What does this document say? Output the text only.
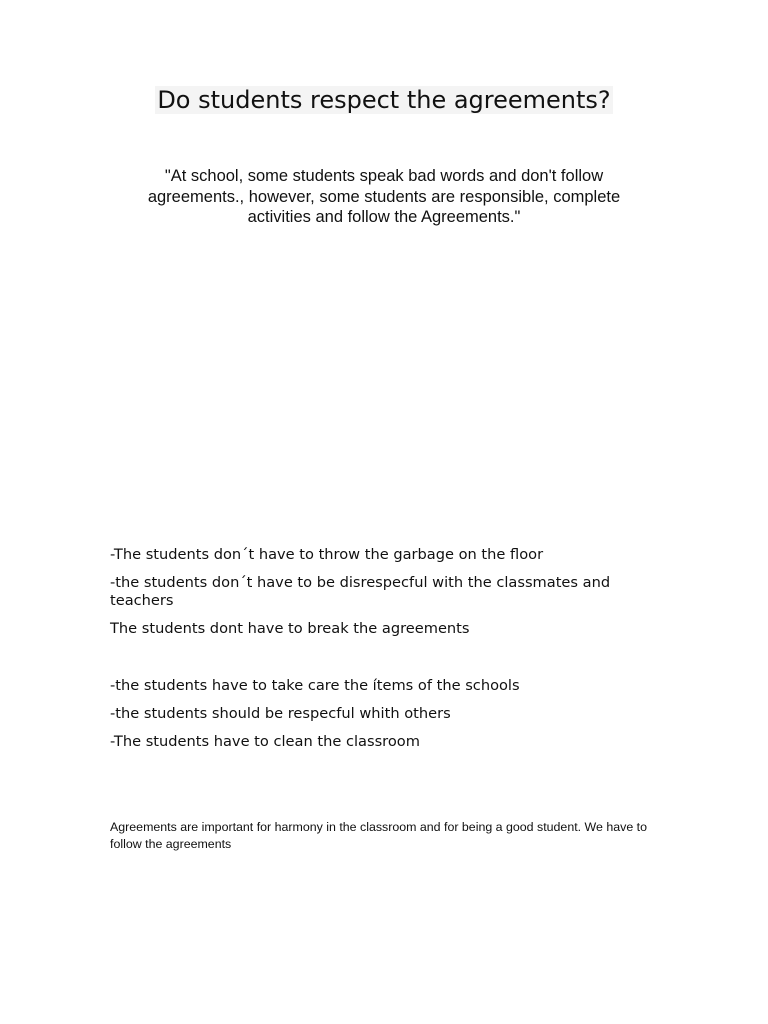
Do students respect the agreements?

"At school, some students speak bad words and don't follow agreements., however, some students are responsible, complete activities and follow the Agreements."

-The students don´t have to throw the garbage on the floor
-the students don´t have to be disrespecful with the classmates and teachers
The students dont have to break the agreements
-the students have to take care the ítems of the schools
-the students should be respecful whith others
-The students have to clean the classroom

Agreements are important for harmony in the classroom and for being a good student. We have to follow the agreements
